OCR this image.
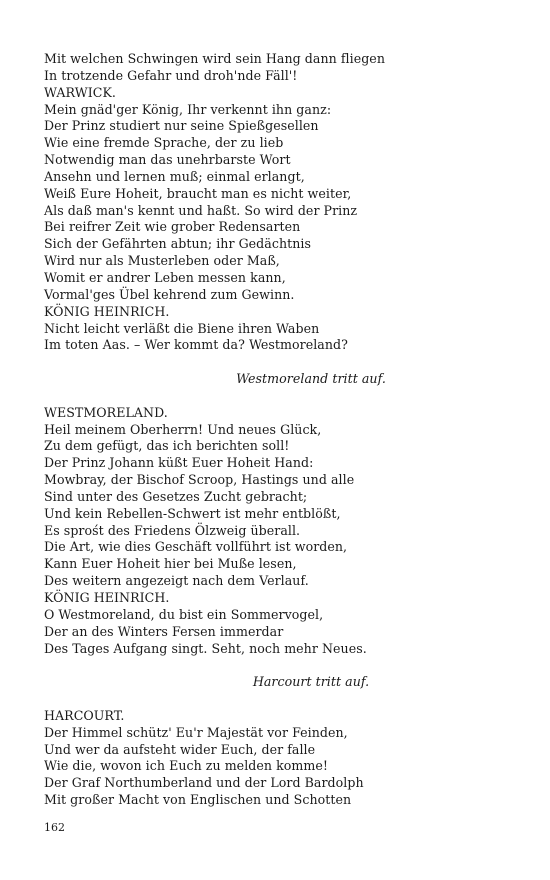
Mit welchen Schwingen wird sein Hang dann fliegen
In trotzende Gefahr und droh'nde Fäll'!
WARWICK.
Mein gnäd'ger König, Ihr verkennt ihn ganz:
Der Prinz studiert nur seine Spießgesellen
Wie eine fremde Sprache, der zu lieb
Notwendig man das unehrbarste Wort
Ansehn und lernen muß; einmal erlangt,
Weiß Eure Hoheit, braucht man es nicht weiter,
Als daß man's kennt und haßt. So wird der Prinz
Bei reifrer Zeit wie grober Redensarten
Sich der Gefährten abtun; ihr Gedächtnis
Wird nur als Musterleben oder Maß,
Womit er andrer Leben messen kann,
Vormal'ges Übel kehrend zum Gewinn.
KÖNIG HEINRICH.
Nicht leicht verläßt die Biene ihren Waben
Im toten Aas. – Wer kommt da? Westmoreland?
Westmoreland tritt auf.
WESTMORELAND.
Heil meinem Oberherrn! Und neues Glück,
Zu dem gefügt, das ich berichten soll!
Der Prinz Johann küßt Euer Hoheit Hand:
Mowbray, der Bischof Scroop, Hastings und alle
Sind unter des Gesetzes Zucht gebracht;
Und kein Rebellen-Schwert ist mehr entblößt,
Es sprośt des Friedens Ölzweig überall.
Die Art, wie dies Geschäft vollführt ist worden,
Kann Euer Hoheit hier bei Muße lesen,
Des weitern angezeigt nach dem Verlauf.
KÖNIG HEINRICH.
O Westmoreland, du bist ein Sommervogel,
Der an des Winters Fersen immerdar
Des Tages Aufgang singt. Seht, noch mehr Neues.
Harcourt tritt auf.
HARCOURT.
Der Himmel schütz' Eu'r Majestät vor Feinden,
Und wer da aufsteht wider Euch, der falle
Wie die, wovon ich Euch zu melden komme!
Der Graf Northumberland und der Lord Bardolph
Mit großer Macht von Englischen und Schotten
162
